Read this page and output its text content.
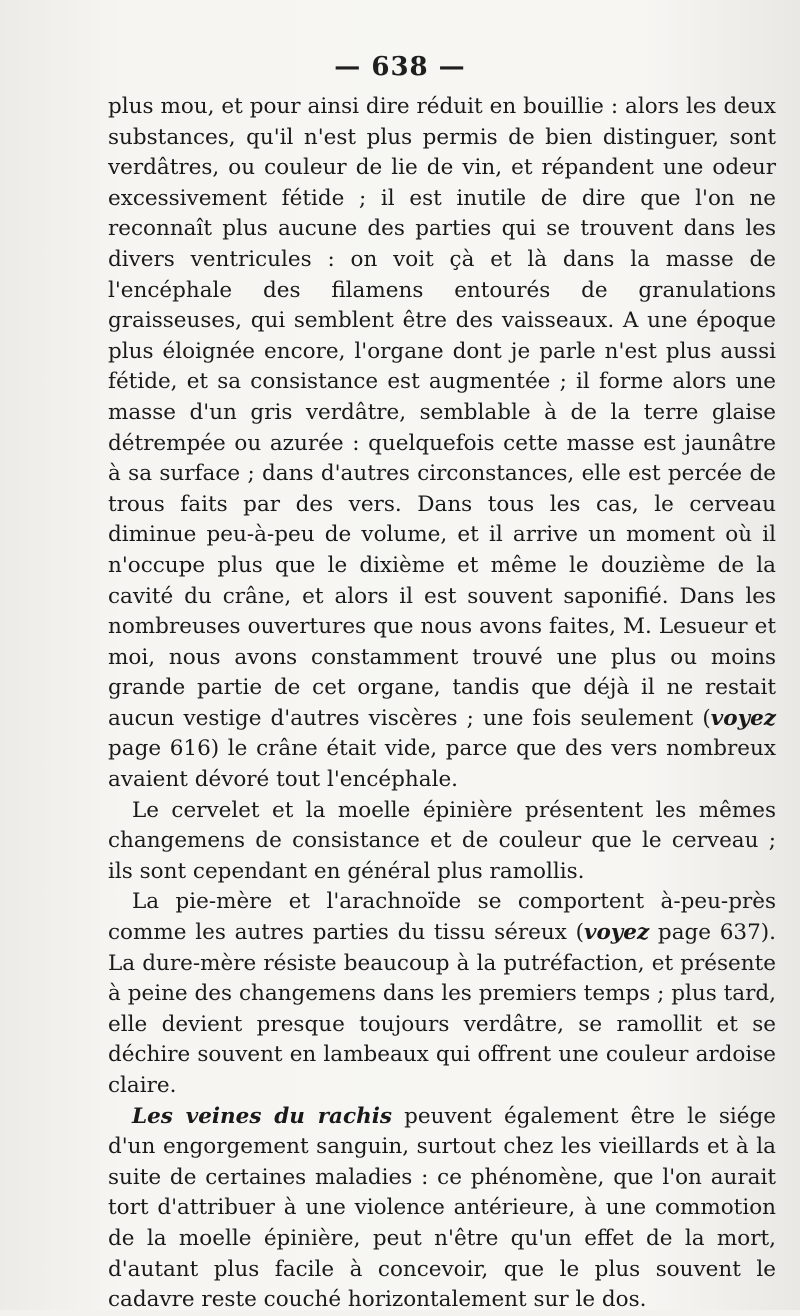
— 638 —

plus mou, et pour ainsi dire réduit en bouillie : alors les deux substances, qu'il n'est plus permis de bien distinguer, sont verdâtres, ou couleur de lie de vin, et répandent une odeur excessivement fétide ; il est inutile de dire que l'on ne reconnaît plus aucune des parties qui se trouvent dans les divers ventricules : on voit çà et là dans la masse de l'encéphale des filamens entourés de granulations graisseuses, qui semblent être des vaisseaux. A une époque plus éloignée encore, l'organe dont je parle n'est plus aussi fétide, et sa consistance est augmentée ; il forme alors une masse d'un gris verdâtre, semblable à de la terre glaise détrempée ou azurée : quelquefois cette masse est jaunâtre à sa surface ; dans d'autres circonstances, elle est percée de trous faits par des vers. Dans tous les cas, le cerveau diminue peu-à-peu de volume, et il arrive un moment où il n'occupe plus que le dixième et même le douzième de la cavité du crâne, et alors il est souvent saponifié. Dans les nombreuses ouvertures que nous avons faites, M. Lesueur et moi, nous avons constamment trouvé une plus ou moins grande partie de cet organe, tandis que déjà il ne restait aucun vestige d'autres viscères ; une fois seulement (voyez page 616) le crâne était vide, parce que des vers nombreux avaient dévoré tout l'encéphale.

Le cervelet et la moelle épinière présentent les mêmes changemens de consistance et de couleur que le cerveau ; ils sont cependant en général plus ramollis.

La pie-mère et l'arachnoïde se comportent à-peu-près comme les autres parties du tissu séreux (voyez page 637). La dure-mère résiste beaucoup à la putréfaction, et présente à peine des changemens dans les premiers temps ; plus tard, elle devient presque toujours verdâtre, se ramollit et se déchire souvent en lambeaux qui offrent une couleur ardoise claire.

Les veines du rachis peuvent également être le siége d'un engorgement sanguin, surtout chez les vieillards et à la suite de certaines maladies : ce phénomène, que l'on aurait tort d'attribuer à une violence antérieure, à une commotion de la moelle épinière, peut n'être qu'un effet de la mort, d'autant plus facile à concevoir, que le plus souvent le cadavre reste couché horizontalement sur le dos.
